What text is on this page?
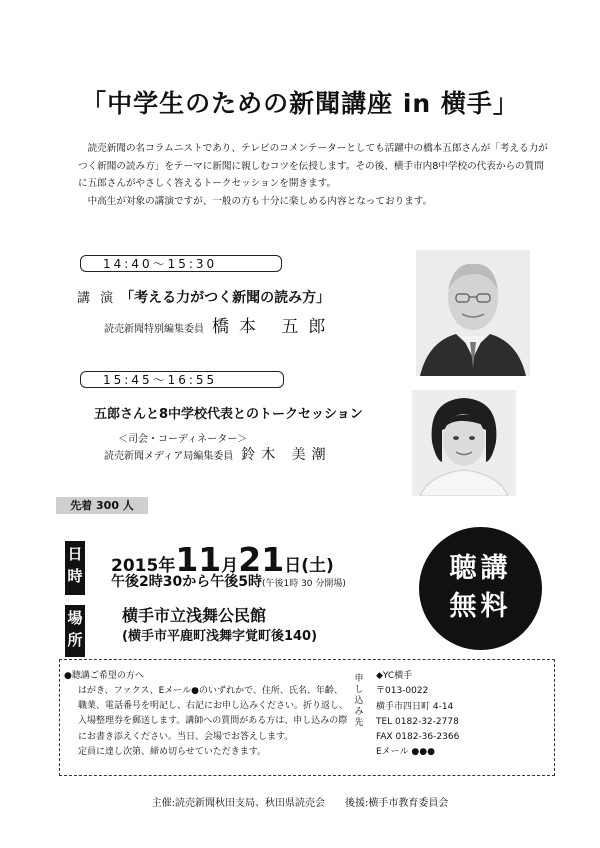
「中学生のための新聞講座 in 横手」

読売新聞の名コラムニストであり、テレビのコメンテーターとしても活躍中の橋本五郎さんが「考える力がつく新聞の読み方」をテーマに新聞に親しむコツを伝授します。その後、横手市内8中学校の代表からの質問に五郎さんがやさしく答えるトークセッションを開きます。

中高生が対象の講演ですが、一般の方も十分に楽しめる内容となっております。

14:40〜15:30
講 演 「考える力がつく新聞の読み方」
読売新聞特別編集委員 橋本 五郎
15:45〜16:55
五郎さんと8中学校代表とのトークセッション
＜司会・コーディネーター＞
読売新聞メディア局編集委員 鈴木 美潮
先着 300 人
日時 2015年11月21日(土)
午後2時30から午後5時(午後1時 30 分開場)
場所
横手市立浅舞公民館
(横手市平鹿町浅舞字覚町後140)
聴講
無料
●聴講ご希望の方へ
はがき、ファクス、Eメール●のいずれかで、住所、氏名、年齢、職業、電話番号を明記し、右記にお申し込みください。折り返し、入場整理券を郵送します。講師への質問がある方は、申し込みの際にお書き添えください。当日、会場でお答えします。
定員に達し次第、締め切らせていただきます。
申し込み先
◆YC横手
〒013-0022
横手市四日町 4-14
TEL 0182-32-2778
FAX 0182-36-2366
Eメール ●●●
主催:読売新聞秋田支局、秋田県読売会　　後援:横手市教育委員会
